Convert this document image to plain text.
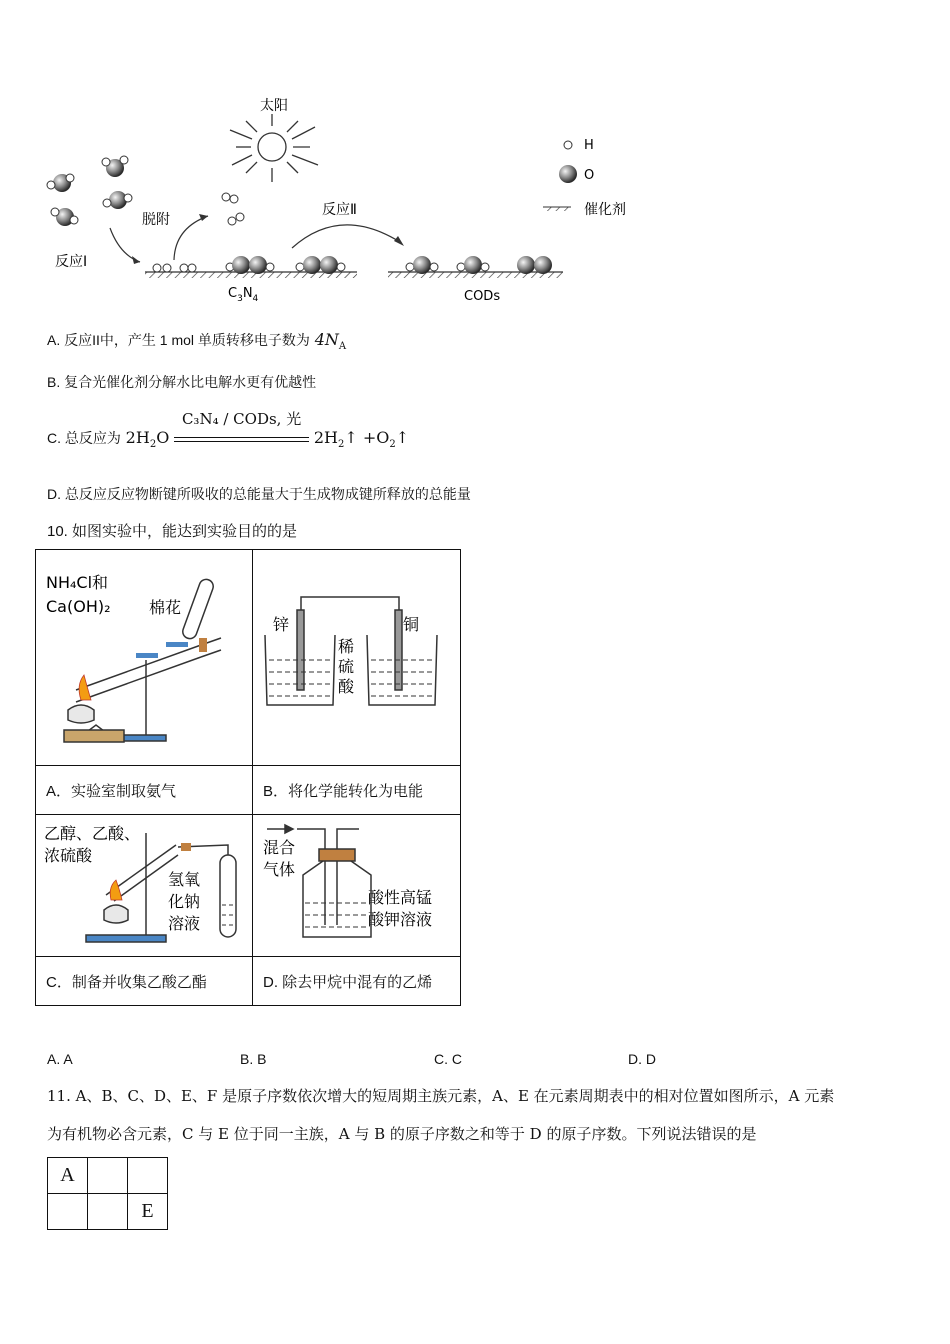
太阳
反应Ⅰ
脱附
$C_3N_4$
反应Ⅱ
CODs
H
O
催化剂
A. 反应II中，产生 1 mol 单质转移电子数为 $4N_A$
B. 复合光催化剂分解水比电解水更有优越性
C. 总反应为 $2H_2O$
C₃N₄ / CODs, 光
$2H_2↑$ $+O_2↑$
D. 总反应反应物断键所吸收的总能量大于生成物成键所释放的总能量
10. 如图实验中，能达到实验目的的是
NH₄Cl和
Ca(OH)₂ 棉花	锌 铜
稀
硫
酸

A．实验室制取氨气	B．将化学能转化为电能

乙醇、乙酸、
浓硫酸
氢氧
化钠
溶液	混合
气体
酸性高锰
酸钾溶液

C．制备并收集乙酸乙酯	D. 除去甲烷中混有的乙烯
A. A	B. B	C. C	D. D
11. A、B、C、D、E、F 是原子序数依次增大的短周期主族元素，A、E 在元素周期表中的相对位置如图所示，A 元素
为有机物必含元素，C 与 E 位于同一主族，A 与 B 的原子序数之和等于 D 的原子序数。下列说法错误的是
A		
		E
